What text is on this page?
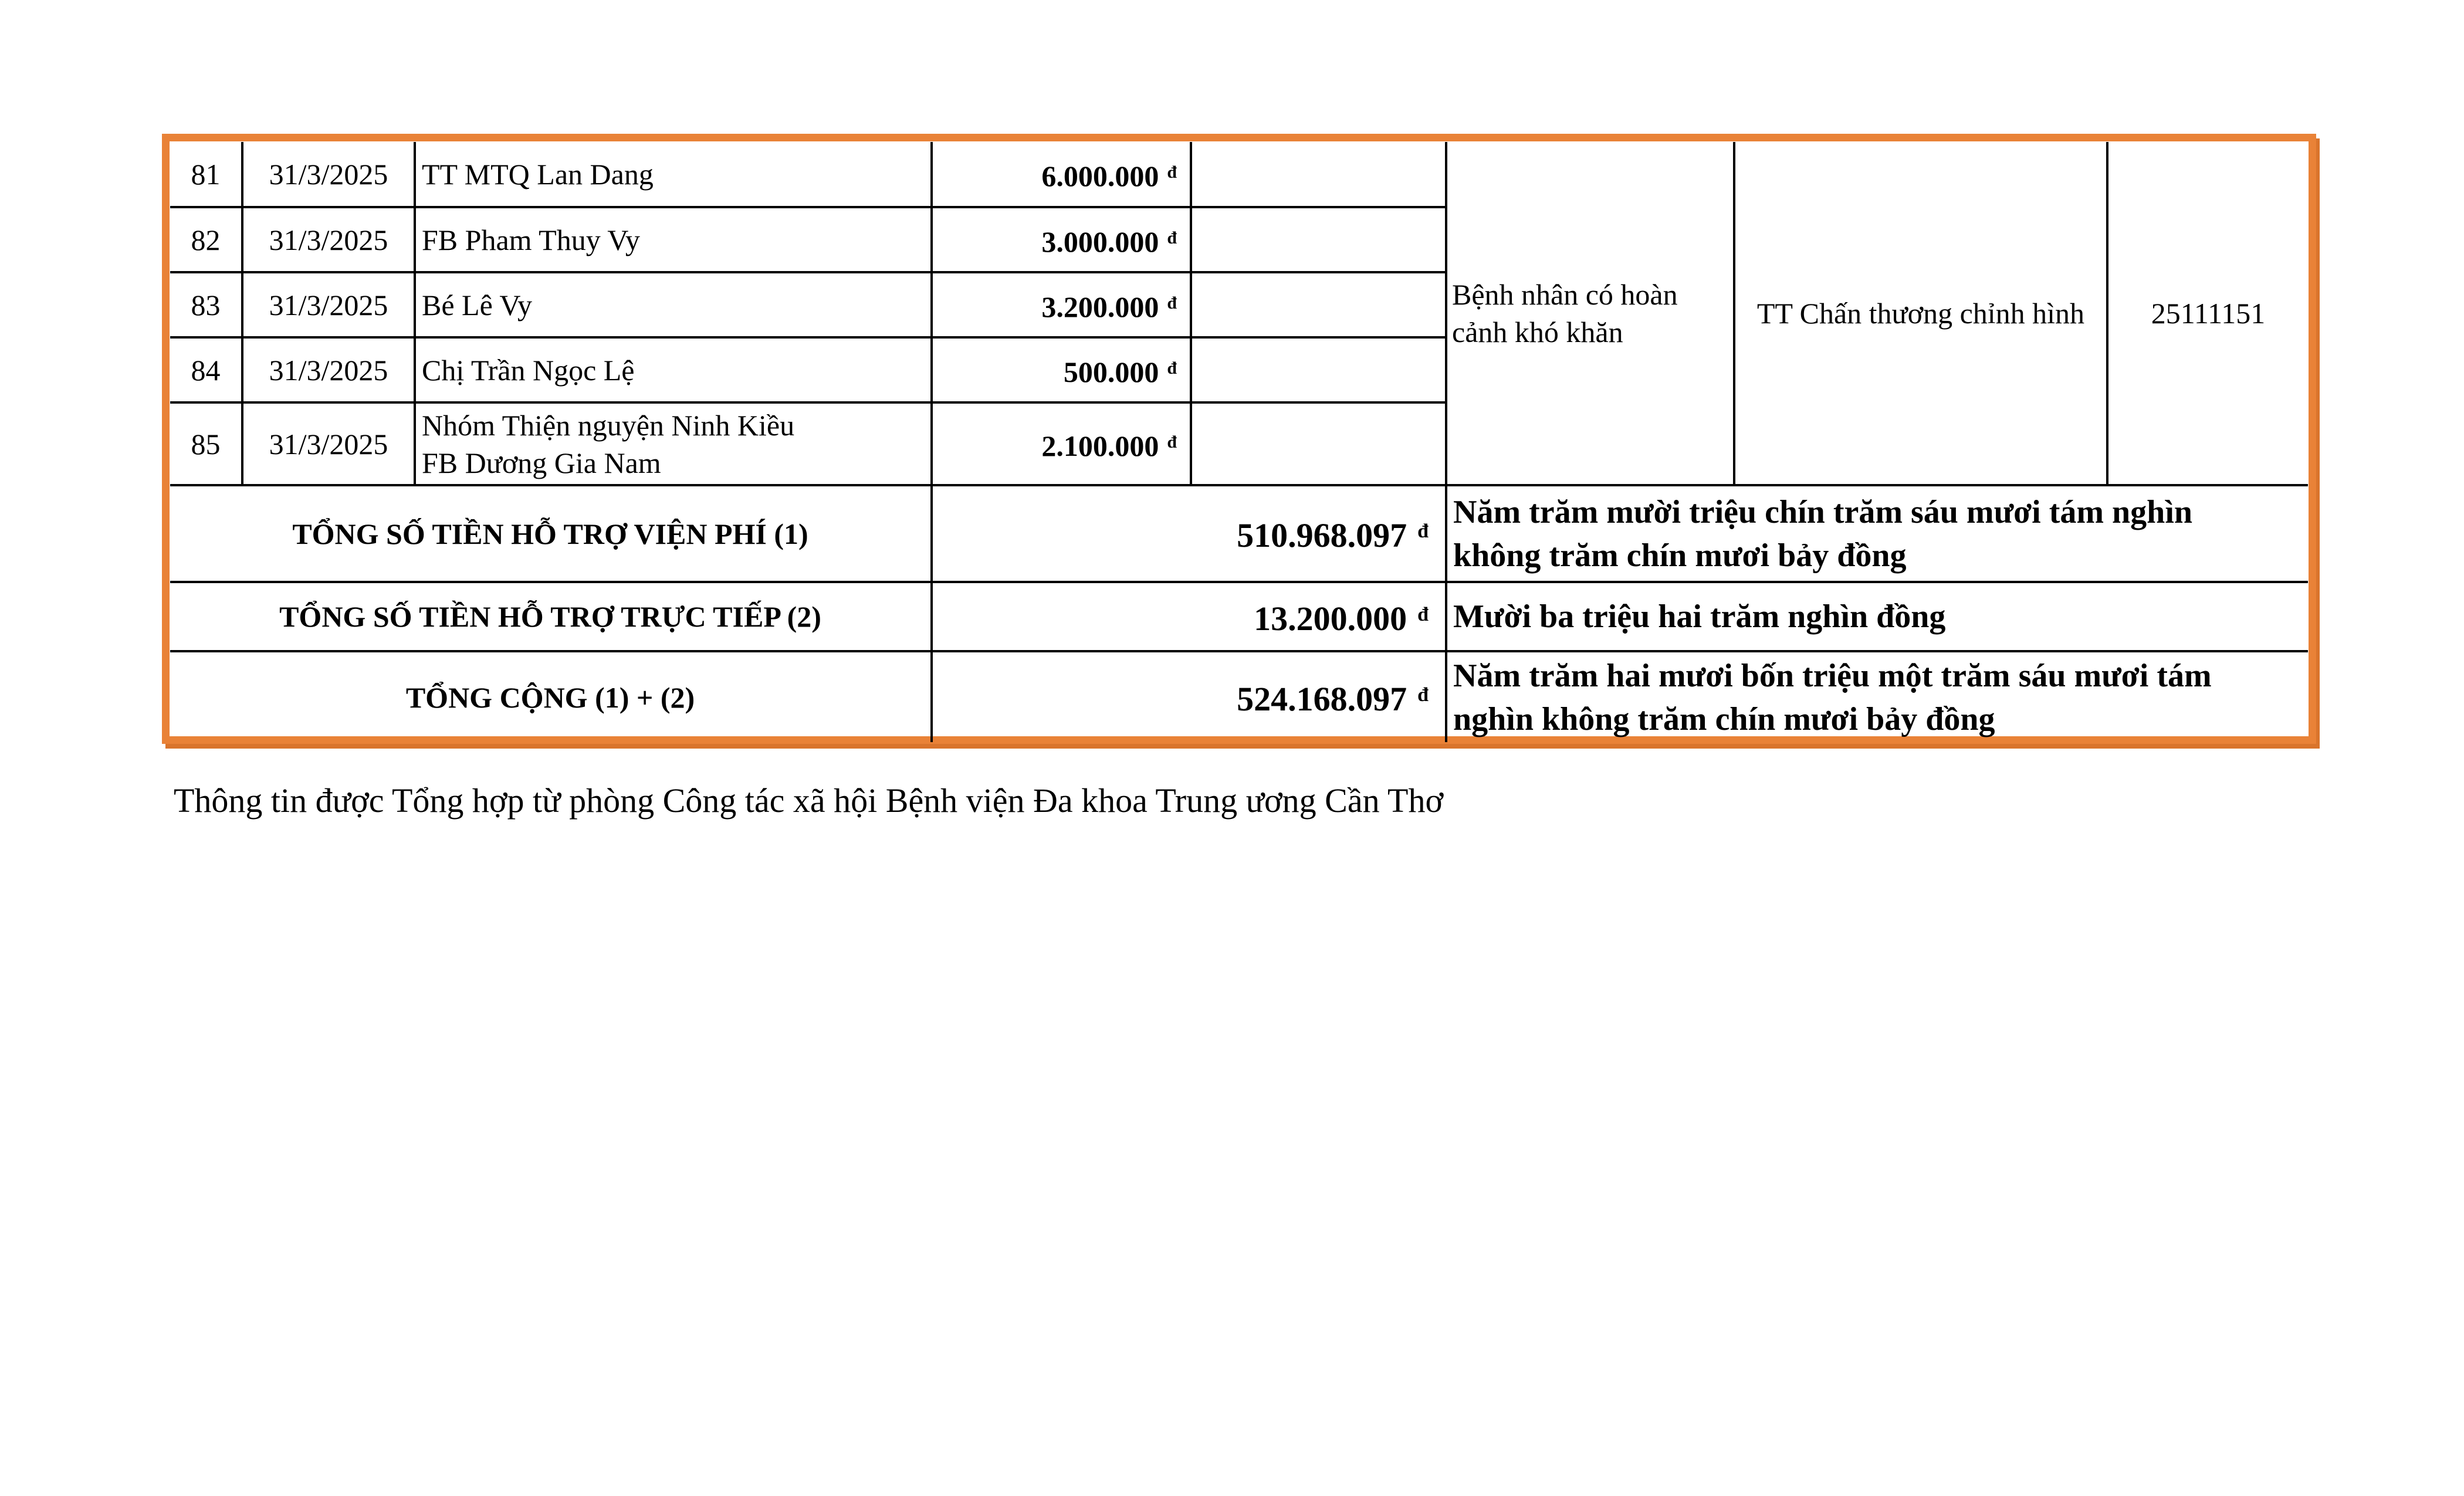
81	31/3/2025	TT MTQ Lan Dang	6.000.000 $^đ$		Bệnh nhân có hoàn
cảnh khó khăn	TT Chấn thương chỉnh hình	25111151
82	31/3/2025	FB Pham Thuy Vy	3.000.000 $^đ$	
83	31/3/2025	Bé Lê Vy	3.200.000 $^đ$	
84	31/3/2025	Chị Trần Ngọc Lệ	500.000 $^đ$	
85	31/3/2025	Nhóm Thiện nguyện Ninh Kiều
FB Dương Gia Nam	2.100.000 $^đ$	
TỔNG SỐ TIỀN HỖ TRỢ VIỆN PHÍ (1)			510.968.097 $^đ$		Năm trăm mười triệu chín trăm sáu mươi tám nghìn
không trăm chín mươi bảy đồng		

TỔNG SỐ TIỀN HỖ TRỢ TRỰC TIẾP (2)			13.200.000 $^đ$		Mười ba triệu hai trăm nghìn đồng		

TỔNG CỘNG (1) + (2)			524.168.097 $^đ$		Năm trăm hai mươi bốn triệu một trăm sáu mươi tám
nghìn không trăm chín mươi bảy đồng		
Thông tin được Tổng hợp từ phòng Công tác xã hội Bệnh viện Đa khoa Trung ương Cần Thơ
